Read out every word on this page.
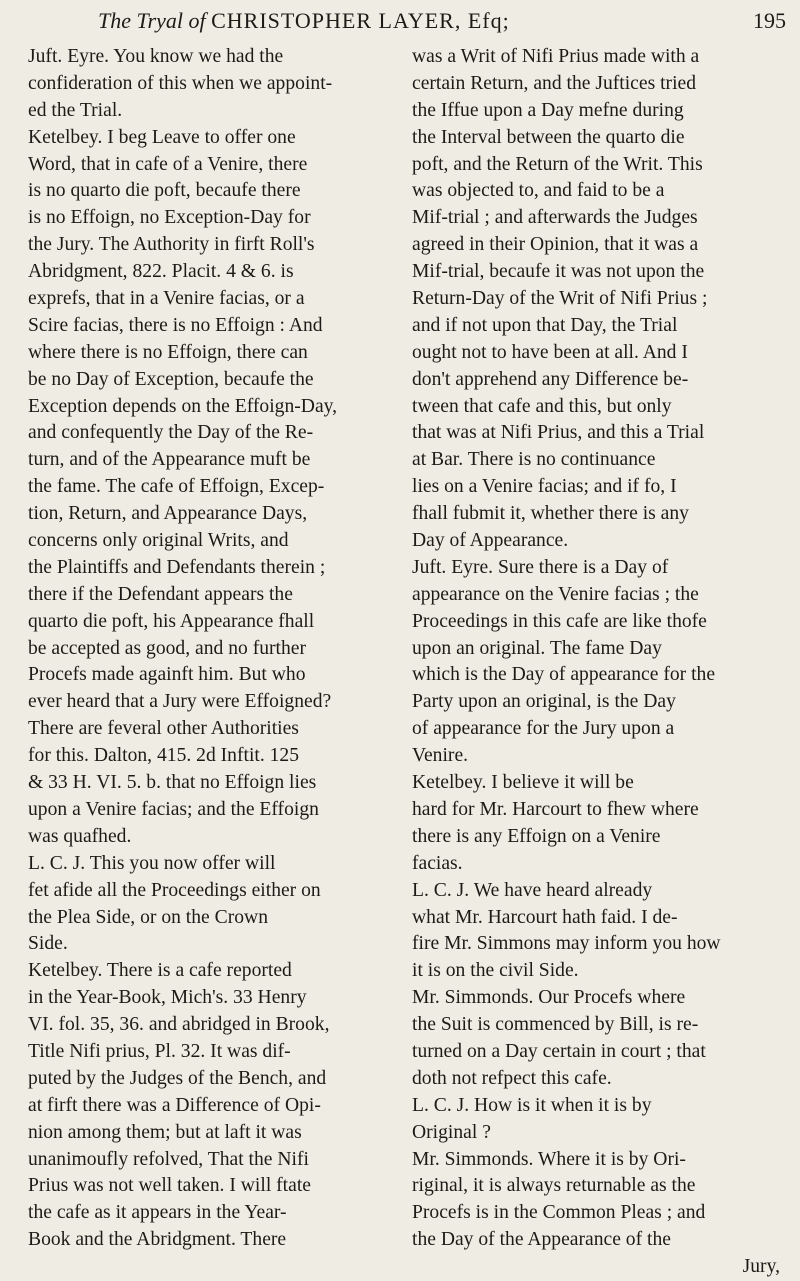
The Tryal of CHRISTOPHER LAYER, Efq;	195
Juft. Eyre. You know we had the
confideration of this when we appoint-
ed the Trial.
Ketelbey. I beg Leave to offer one
Word, that in cafe of a Venire, there
is no quarto die poft, becaufe there
is no Effoign, no Exception-Day for
the Jury. The Authority in firft Roll's
Abridgment, 822. Placit. 4 & 6. is
exprefs, that in a Venire facias, or a
Scire facias, there is no Effoign : And
where there is no Effoign, there can
be no Day of Exception, becaufe the
Exception depends on the Effoign-Day,
and confequently the Day of the Re-
turn, and of the Appearance muft be
the fame. The cafe of Effoign, Excep-
tion, Return, and Appearance Days,
concerns only original Writs, and
the Plaintiffs and Defendants therein ;
there if the Defendant appears the
quarto die poft, his Appearance fhall
be accepted as good, and no further
Procefs made againft him. But who
ever heard that a Jury were Effoigned?
There are feveral other Authorities
for this. Dalton, 415. 2d Inftit. 125
& 33 H. VI. 5. b. that no Effoign lies
upon a Venire facias; and the Effoign
was quafhed.
L. C. J. This you now offer will
fet afide all the Proceedings either on
the Plea Side, or on the Crown
Side.
Ketelbey. There is a cafe reported
in the Year-Book, Mich's. 33 Henry
VI. fol. 35, 36. and abridged in Brook,
Title Nifi prius, Pl. 32. It was dif-
puted by the Judges of the Bench, and
at firft there was a Difference of Opi-
nion among them; but at laft it was
unanimoufly refolved, That the Nifi
Prius was not well taken. I will ftate
the cafe as it appears in the Year-
Book and the Abridgment. There
was a Writ of Nifi Prius made with a
certain Return, and the Juftices tried
the Iffue upon a Day mefne during
the Interval between the quarto die
poft, and the Return of the Writ. This
was objected to, and faid to be a
Mif-trial ; and afterwards the Judges
agreed in their Opinion, that it was a
Mif-trial, becaufe it was not upon the
Return-Day of the Writ of Nifi Prius ;
and if not upon that Day, the Trial
ought not to have been at all. And I
don't apprehend any Difference be-
tween that cafe and this, but only
that was at Nifi Prius, and this a Trial
at Bar. There is no continuance
lies on a Venire facias; and if fo, I
fhall fubmit it, whether there is any
Day of Appearance.
Juft. Eyre. Sure there is a Day of
appearance on the Venire facias ; the
Proceedings in this cafe are like thofe
upon an original. The fame Day
which is the Day of appearance for the
Party upon an original, is the Day
of appearance for the Jury upon a
Venire.
Ketelbey. I believe it will be
hard for Mr. Harcourt to fhew where
there is any Effoign on a Venire
facias.
L. C. J. We have heard already
what Mr. Harcourt hath faid. I de-
fire Mr. Simmons may inform you how
it is on the civil Side.
Mr. Simmonds. Our Procefs where
the Suit is commenced by Bill, is re-
turned on a Day certain in court ; that
doth not refpect this cafe.
L. C. J. How is it when it is by
Original ?
Mr. Simmonds. Where it is by Ori-
riginal, it is always returnable as the
Procefs is in the Common Pleas ; and
the Day of the Appearance of the
Jury,
